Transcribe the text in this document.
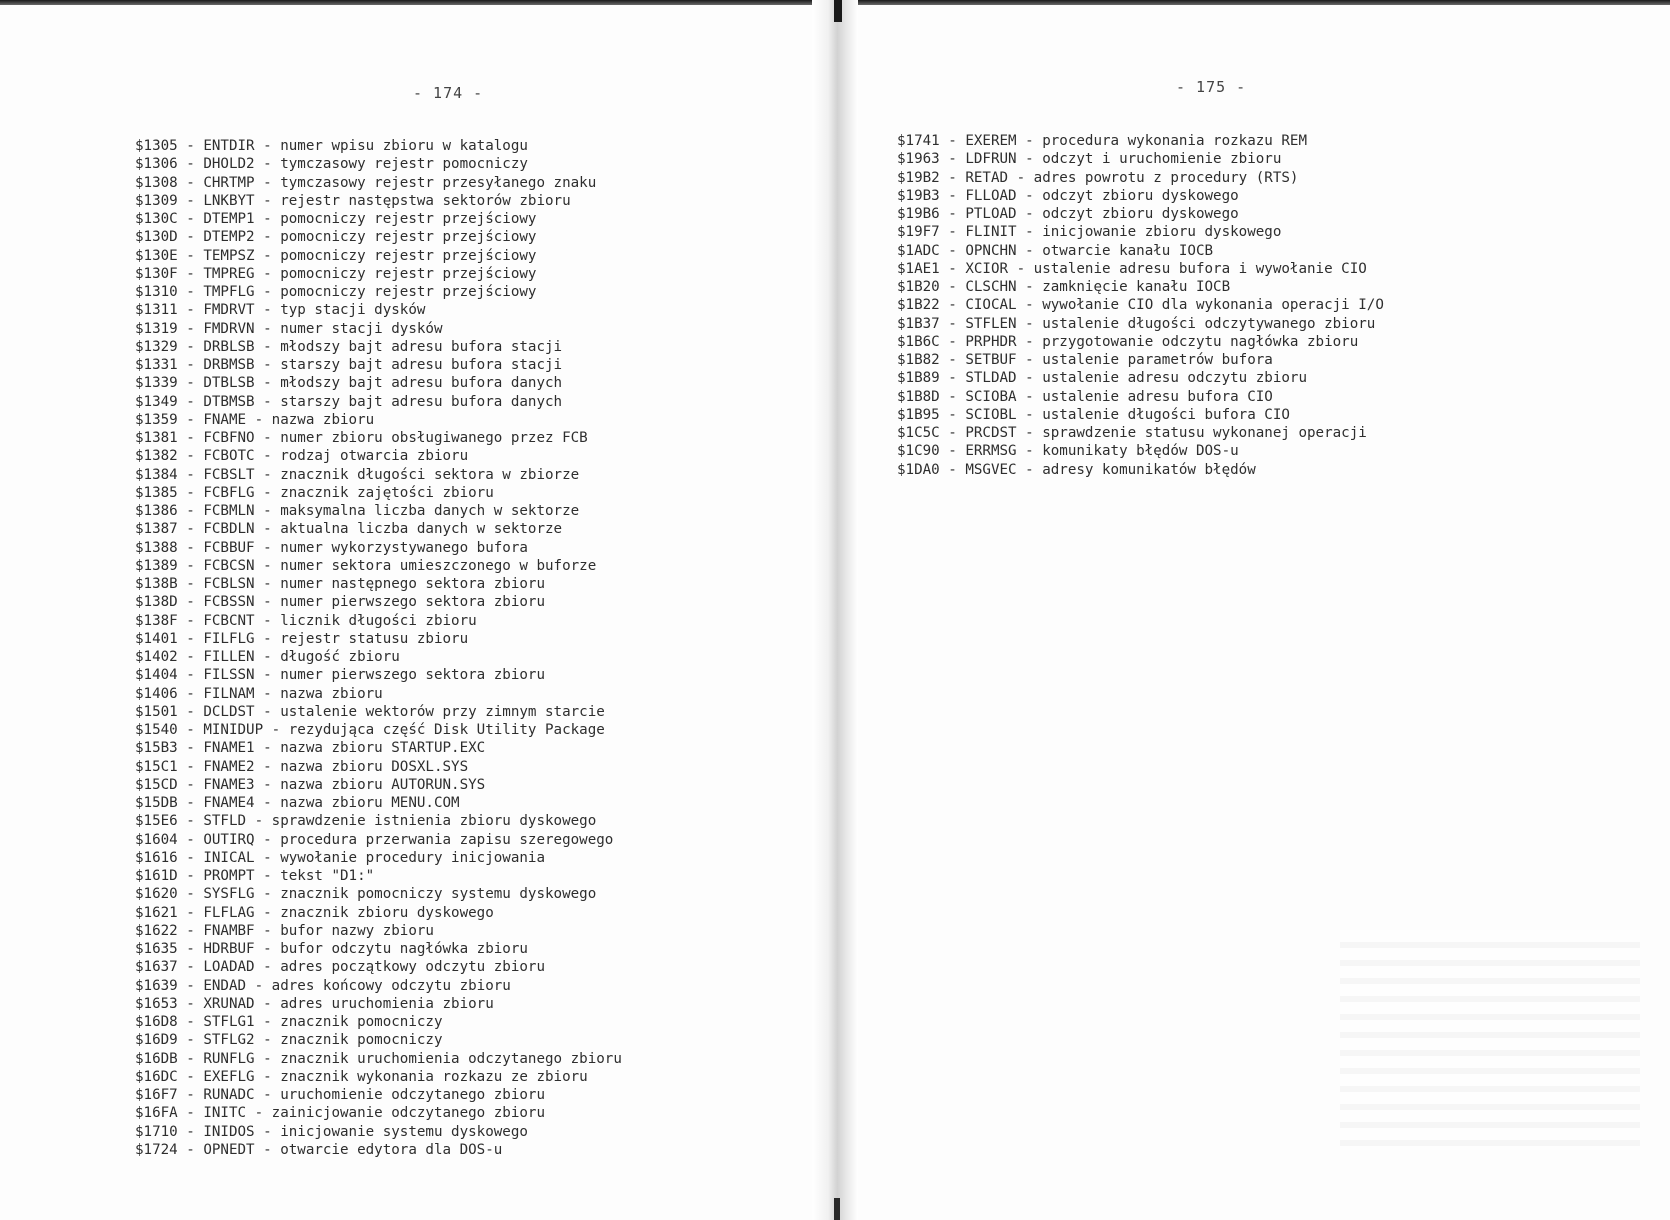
- 174 -
$1305 - ENTDIR - numer wpisu zbioru w katalogu
$1306 - DHOLD2 - tymczasowy rejestr pomocniczy
$1308 - CHRTMP - tymczasowy rejestr przesyłanego znaku
$1309 - LNKBYT - rejestr następstwa sektorów zbioru
$130C - DTEMP1 - pomocniczy rejestr przejściowy
$130D - DTEMP2 - pomocniczy rejestr przejściowy
$130E - TEMPSZ - pomocniczy rejestr przejściowy
$130F - TMPREG - pomocniczy rejestr przejściowy
$1310 - TMPFLG - pomocniczy rejestr przejściowy
$1311 - FMDRVT - typ stacji dysków
$1319 - FMDRVN - numer stacji dysków
$1329 - DRBLSB - młodszy bajt adresu bufora stacji
$1331 - DRBMSB - starszy bajt adresu bufora stacji
$1339 - DTBLSB - młodszy bajt adresu bufora danych
$1349 - DTBMSB - starszy bajt adresu bufora danych
$1359 - FNAME - nazwa zbioru
$1381 - FCBFNO - numer zbioru obsługiwanego przez FCB
$1382 - FCBOTC - rodzaj otwarcia zbioru
$1384 - FCBSLT - znacznik długości sektora w zbiorze
$1385 - FCBFLG - znacznik zajętości zbioru
$1386 - FCBMLN - maksymalna liczba danych w sektorze
$1387 - FCBDLN - aktualna liczba danych w sektorze
$1388 - FCBBUF - numer wykorzystywanego bufora
$1389 - FCBCSN - numer sektora umieszczonego w buforze
$138B - FCBLSN - numer następnego sektora zbioru
$138D - FCBSSN - numer pierwszego sektora zbioru
$138F - FCBCNT - licznik długości zbioru
$1401 - FILFLG - rejestr statusu zbioru
$1402 - FILLEN - długość zbioru
$1404 - FILSSN - numer pierwszego sektora zbioru
$1406 - FILNAM - nazwa zbioru
$1501 - DCLDST - ustalenie wektorów przy zimnym starcie
$1540 - MINIDUP - rezydująca część Disk Utility Package
$15B3 - FNAME1 - nazwa zbioru STARTUP.EXC
$15C1 - FNAME2 - nazwa zbioru DOSXL.SYS
$15CD - FNAME3 - nazwa zbioru AUTORUN.SYS
$15DB - FNAME4 - nazwa zbioru MENU.COM
$15E6 - STFLD - sprawdzenie istnienia zbioru dyskowego
$1604 - OUTIRQ - procedura przerwania zapisu szeregowego
$1616 - INICAL - wywołanie procedury inicjowania
$161D - PROMPT - tekst "D1:"
$1620 - SYSFLG - znacznik pomocniczy systemu dyskowego
$1621 - FLFLAG - znacznik zbioru dyskowego
$1622 - FNAMBF - bufor nazwy zbioru
$1635 - HDRBUF - bufor odczytu nagłówka zbioru
$1637 - LOADAD - adres początkowy odczytu zbioru
$1639 - ENDAD - adres końcowy odczytu zbioru
$1653 - XRUNAD - adres uruchomienia zbioru
$16D8 - STFLG1 - znacznik pomocniczy
$16D9 - STFLG2 - znacznik pomocniczy
$16DB - RUNFLG - znacznik uruchomienia odczytanego zbioru
$16DC - EXEFLG - znacznik wykonania rozkazu ze zbioru
$16F7 - RUNADC - uruchomienie odczytanego zbioru
$16FA - INITC - zainicjowanie odczytanego zbioru
$1710 - INIDOS - inicjowanie systemu dyskowego
$1724 - OPNEDT - otwarcie edytora dla DOS-u
- 175 -
$1741 - EXEREM - procedura wykonania rozkazu REM
$1963 - LDFRUN - odczyt i uruchomienie zbioru
$19B2 - RETAD - adres powrotu z procedury (RTS)
$19B3 - FLLOAD - odczyt zbioru dyskowego
$19B6 - PTLOAD - odczyt zbioru dyskowego
$19F7 - FLINIT - inicjowanie zbioru dyskowego
$1ADC - OPNCHN - otwarcie kanału IOCB
$1AE1 - XCIOR - ustalenie adresu bufora i wywołanie CIO
$1B20 - CLSCHN - zamknięcie kanału IOCB
$1B22 - CIOCAL - wywołanie CIO dla wykonania operacji I/O
$1B37 - STFLEN - ustalenie długości odczytywanego zbioru
$1B6C - PRPHDR - przygotowanie odczytu nagłówka zbioru
$1B82 - SETBUF - ustalenie parametrów bufora
$1B89 - STLDAD - ustalenie adresu odczytu zbioru
$1B8D - SCIOBA - ustalenie adresu bufora CIO
$1B95 - SCIOBL - ustalenie długości bufora CIO
$1C5C - PRCDST - sprawdzenie statusu wykonanej operacji
$1C90 - ERRMSG - komunikaty błędów DOS-u
$1DA0 - MSGVEC - adresy komunikatów błędów
